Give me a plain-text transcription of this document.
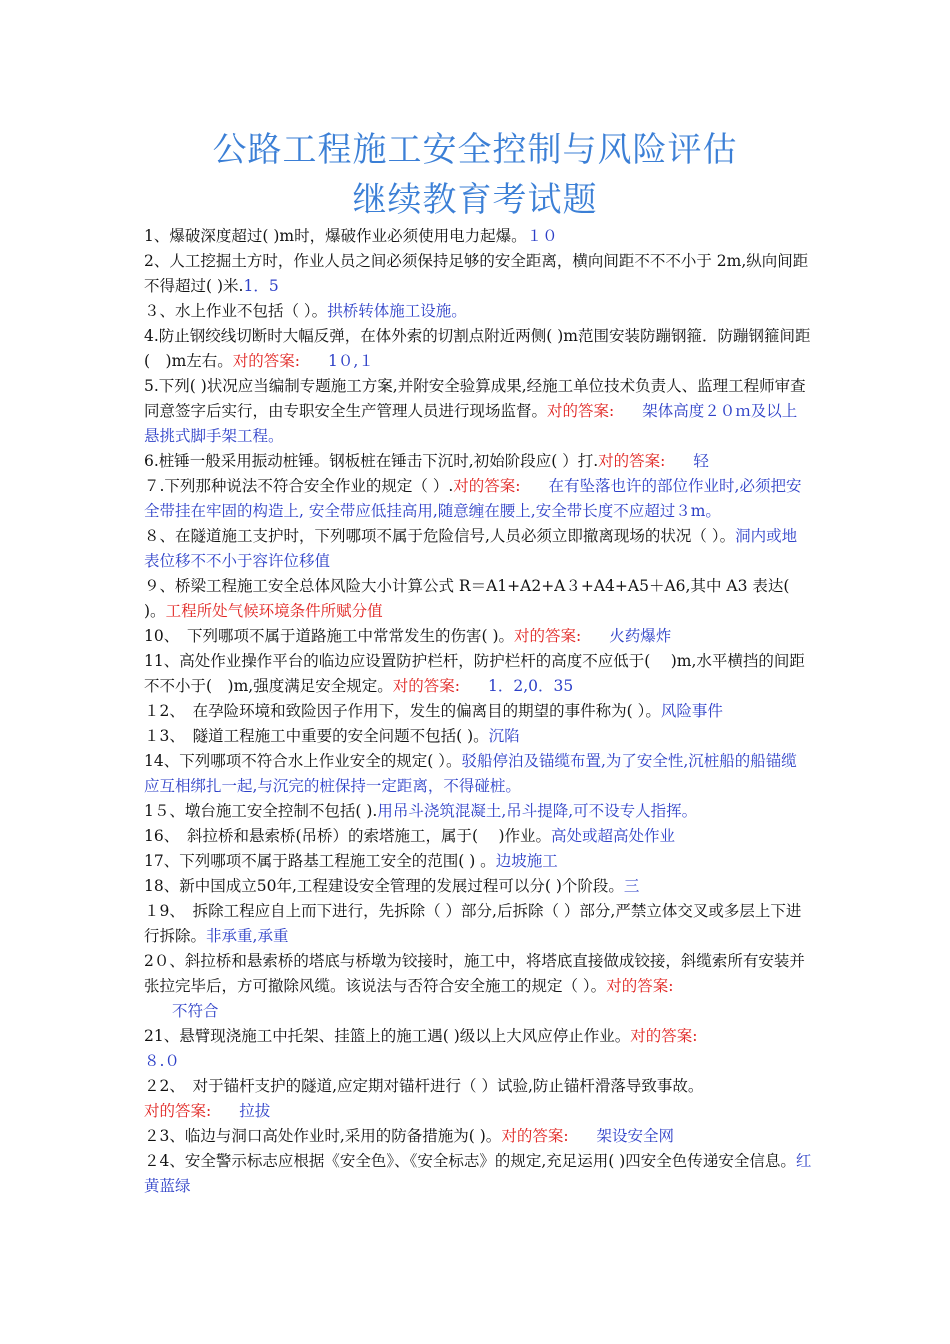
公路工程施工安全控制与风险评估
继续教育考试题

1、爆破深度超过( )m时，爆破作业必须使用电力起爆。１０

2、人工挖掘土方时，作业人员之间必须保持足够的安全距离，横向间距不不不小于 2m,纵向间距不得超过( )米.1．5

３、水上作业不包括（ ）。拱桥转体施工设施。

4.防止钢绞线切断时大幅反弹，在体外索的切割点附近两侧( )m范围安装防蹦钢箍．防蹦钢箍间距(　)m左右。对的答案: 1０,１

5.下列( )状况应当编制专题施工方案,并附安全验算成果,经施工单位技术负责人、监理工程师审查同意签字后实行，由专职安全生产管理人员进行现场监督。对的答案: 架体高度２０ｍ及以上悬挑式脚手架工程。

6.桩锤一般采用振动桩锤。钢板桩在锤击下沉时,初始阶段应( ）打.对的答案: 轻

７.下列那种说法不符合安全作业的规定（ ）.对的答案: 在有坠落也许的部位作业时,必须把安全带挂在牢固的构造上, 安全带应低挂高用,随意缠在腰上,安全带长度不应超过３m。

８、在隧道施工支护时，下列哪项不属于危险信号,人员必须立即撤离现场的状况（ ）。洞内或地表位移不不小于容许位移值

９、桥梁工程施工安全总体风险大小计算公式 R＝A1+A2+A３+A4+A5＋A6,其中 A3 表达( )。工程所处气候环境条件所赋分值

10、　下列哪项不属于道路施工中常常发生的伤害( )。对的答案: 火药爆炸

11、高处作业操作平台的临边应设置防护栏杆，防护栏杆的高度不应低于(　 )m,水平横挡的间距不不小于(　)m,强度满足安全规定。对的答案: 1．2,0．35

１2、　在孕险环境和致险因子作用下，发生的偏离目的期望的事件称为( ）。风险事件

１3、　隧道工程施工中重要的安全问题不包括( )。沉陷

14、下列哪项不符合水上作业安全的规定( ）。驳船停泊及锚缆布置,为了安全性,沉桩船的船锚缆应互相绑扎一起,与沉完的桩保持一定距离，不得碰桩。

1５、墩台施工安全控制不包括( ).用吊斗浇筑混凝土,吊斗提降,可不设专人指挥。

16、　斜拉桥和悬索桥(吊桥）的索塔施工，属于(　 )作业。高处或超高处作业

17、下列哪项不属于路基工程施工安全的范围( ) 。边坡施工

18、新中国成立50年,工程建设安全管理的发展过程可以分( )个阶段。三

１9、　拆除工程应自上而下进行，先拆除（ ）部分,后拆除（ ）部分,严禁立体交叉或多层上下进行拆除。非承重,承重

2０、斜拉桥和悬索桥的塔底与桥墩为铰接时，施工中，将塔底直接做成铰接，斜缆索所有安装并张拉完毕后，方可撤除风缆。该说法与否符合安全施工的规定（ ）。对的答案:
不符合

21、悬臂现浇施工中托架、挂篮上的施工遇( )级以上大风应停止作业。对的答案:
８.０

２2、　对于锚杆支护的隧道,应定期对锚杆进行（ ）试验,防止锚杆滑落导致事故。
对的答案: 拉拔

２3、临边与洞口高处作业时,采用的防备措施为( )。对的答案: 架设安全网

２4、安全警示标志应根据《安全色》、《安全标志》的规定,充足运用( )四安全色传递安全信息。红黄蓝绿
